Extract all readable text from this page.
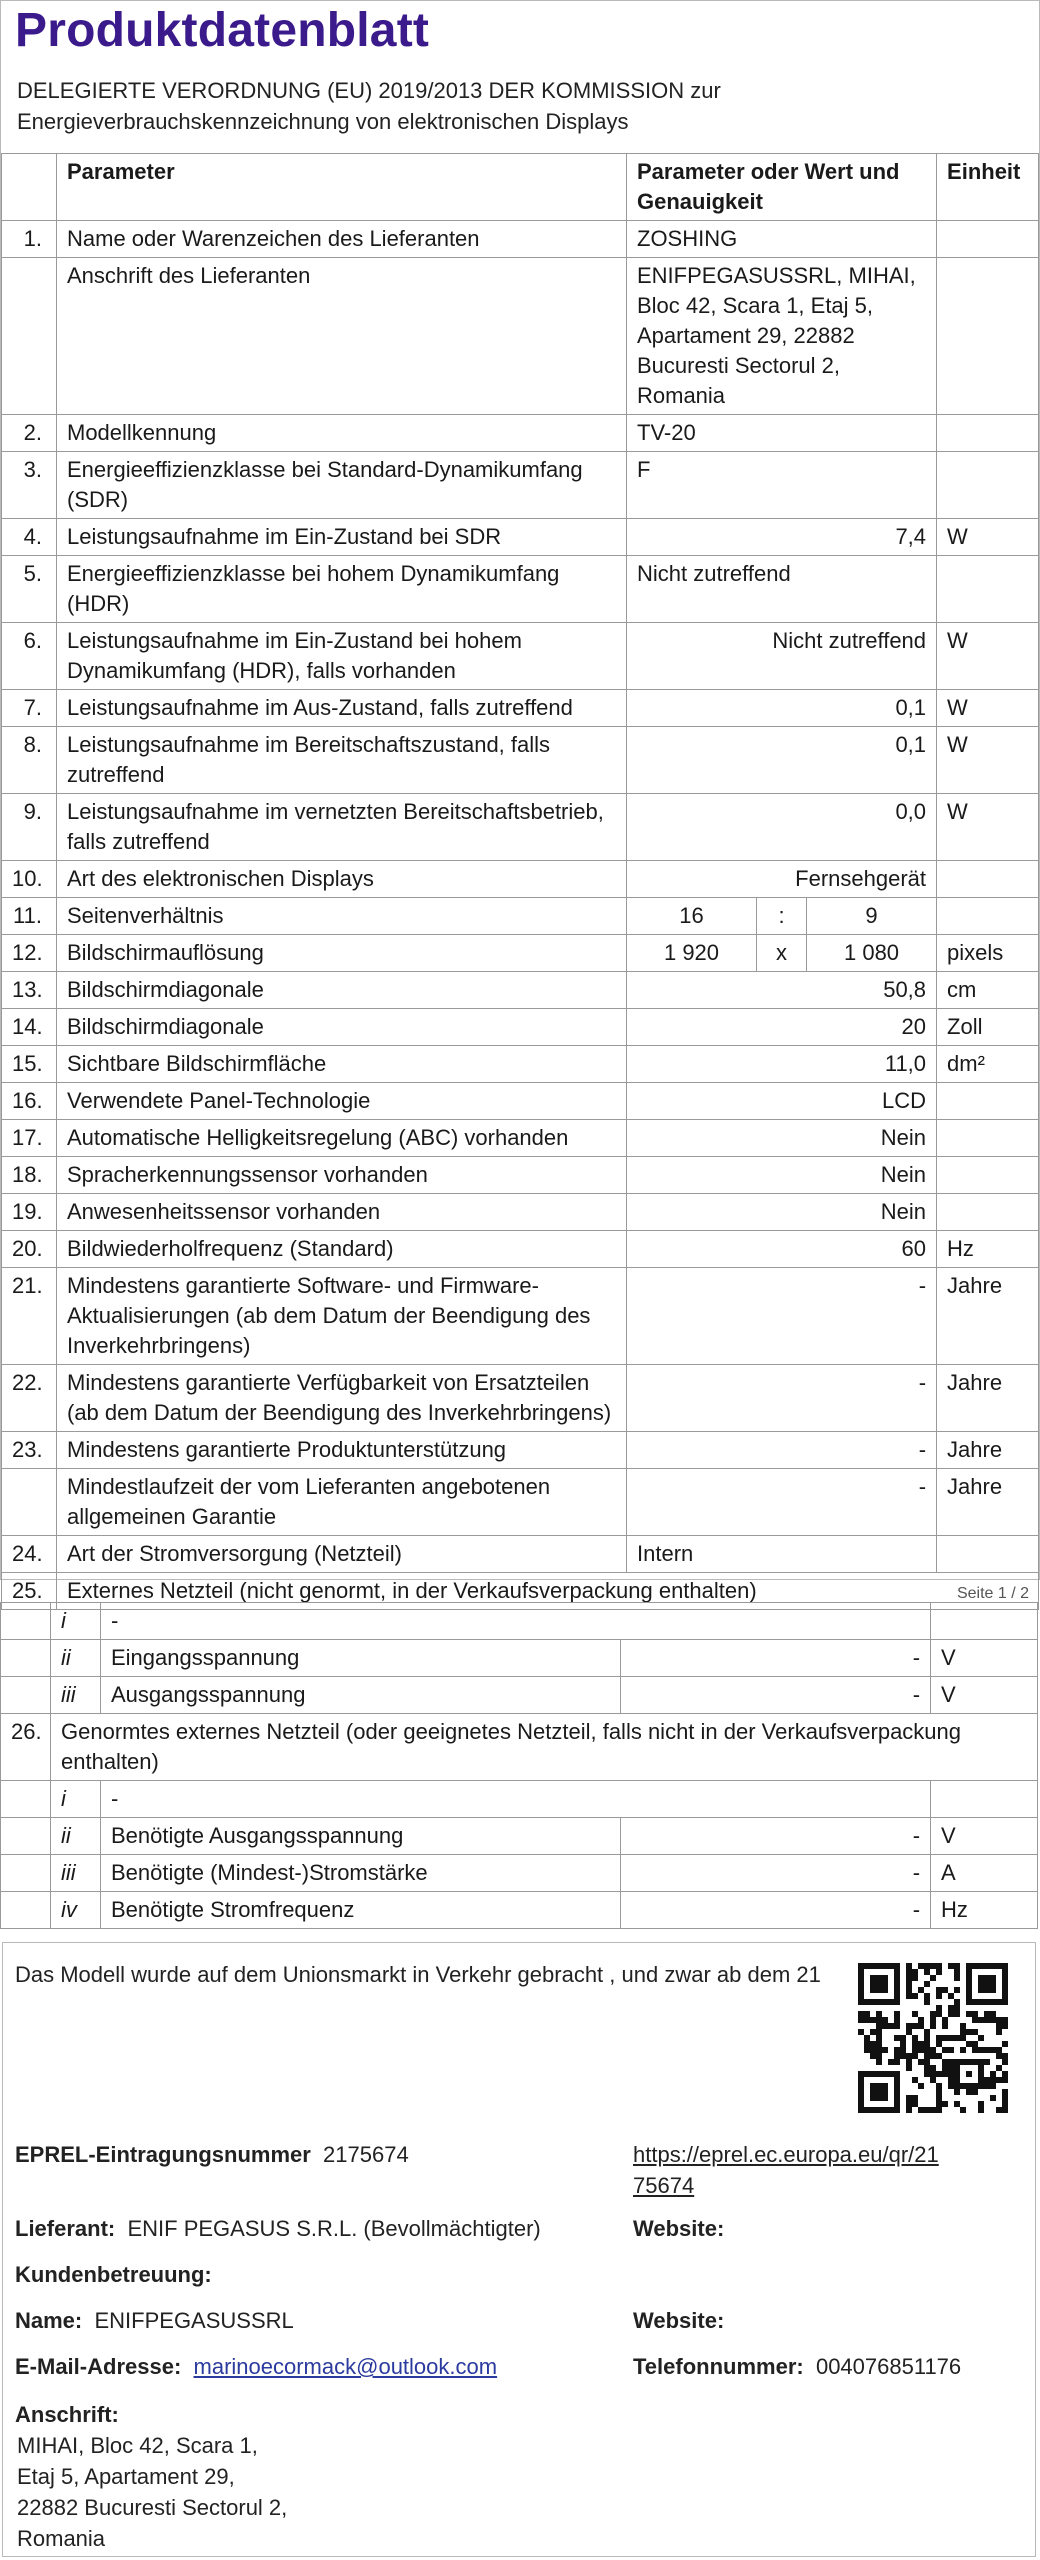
Produktdatenblatt
DELEGIERTE VERORDNUNG (EU) 2019/2013 DER KOMMISSION zur
Energieverbrauchskennzeichnung von elektronischen Displays
	Parameter	Parameter oder Wert und Genauigkeit			Einheit
1.	Name oder Warenzeichen des Lieferanten	ZOSHING			
	Anschrift des Lieferanten	ENIFPEGASUSSRL, MIHAI, Bloc 42, Scara 1, Etaj 5, Apartament 29, 22882 Bucuresti Sectorul 2, Romania			
2.	Modellkennung	TV-20			
3.	Energieeffizienzklasse bei Standard-Dynamikumfang (SDR)	F			
4.	Leistungsaufnahme im Ein-Zustand bei SDR	7,4			W
5.	Energieeffizienzklasse bei hohem Dynamikumfang (HDR)	Nicht zutreffend			
6.	Leistungsaufnahme im Ein-Zustand bei hohem Dynamikumfang (HDR), falls vorhanden	Nicht zutreffend			W
7.	Leistungsaufnahme im Aus-Zustand, falls zutreffend	0,1			W
8.	Leistungsaufnahme im Bereitschaftszustand, falls zutreffend	0,1			W
9.	Leistungsaufnahme im vernetzten Bereitschaftsbetrieb, falls zutreffend	0,0			W
10.	Art des elektronischen Displays	Fernsehgerät			
11.	Seitenverhältnis	16	:	9	
12.	Bildschirmauflösung	1 920	x	1 080	pixels
13.	Bildschirmdiagonale	50,8			cm
14.	Bildschirmdiagonale	20			Zoll
15.	Sichtbare Bildschirmfläche	11,0			dm²
16.	Verwendete Panel-Technologie	LCD			
17.	Automatische Helligkeitsregelung (ABC) vorhanden	Nein			
18.	Spracherkennungssensor vorhanden	Nein			
19.	Anwesenheitssensor vorhanden	Nein			
20.	Bildwiederholfrequenz (Standard)	60			Hz
21.	Mindestens garantierte Software- und Firmware-Aktualisierungen (ab dem Datum der Beendigung des Inverkehrbringens)	-			Jahre
22.	Mindestens garantierte Verfügbarkeit von Ersatzteilen (ab dem Datum der Beendigung des Inverkehrbringens)	-			Jahre
23.	Mindestens garantierte Produktunterstützung	-			Jahre
	Mindestlaufzeit der vom Lieferanten angebotenen allgemeinen Garantie	-			Jahre
24.	Art der Stromversorgung (Netzteil)	Intern			
25.	Externes Netzteil (nicht genormt, in der Verkaufsverpackung enthalten)					Seite 1 / 2
	i	-		
	ii	Eingangsspannung	-	V
	iii	Ausgangsspannung	-	V
26.	Genormtes externes Netzteil (oder geeignetes Netzteil, falls nicht in der Verkaufsverpackung enthalten)			
	i	-		
	ii	Benötigte Ausgangsspannung	-	V
	iii	Benötigte (Mindest-)Stromstärke	-	A
	iv	Benötigte Stromfrequenz	-	Hz
Das Modell wurde auf dem Unionsmarkt in Verkehr gebracht , und zwar ab dem 21
EPREL-Eintragungsnummer 2175674	https://eprel.ec.europa.eu/qr/21
75674
Lieferant: ENIF PEGASUS S.R.L. (Bevollmächtigter)	Website:
Kundenbetreuung:
Name: ENIFPEGASUSSRL	Website:
E-Mail-Adresse: marinoecormack@outlook.com	Telefonnummer: 004076851176
Anschrift:
MIHAI, Bloc 42, Scara 1,
Etaj 5, Apartament 29,
22882 Bucuresti Sectorul 2,
Romania
